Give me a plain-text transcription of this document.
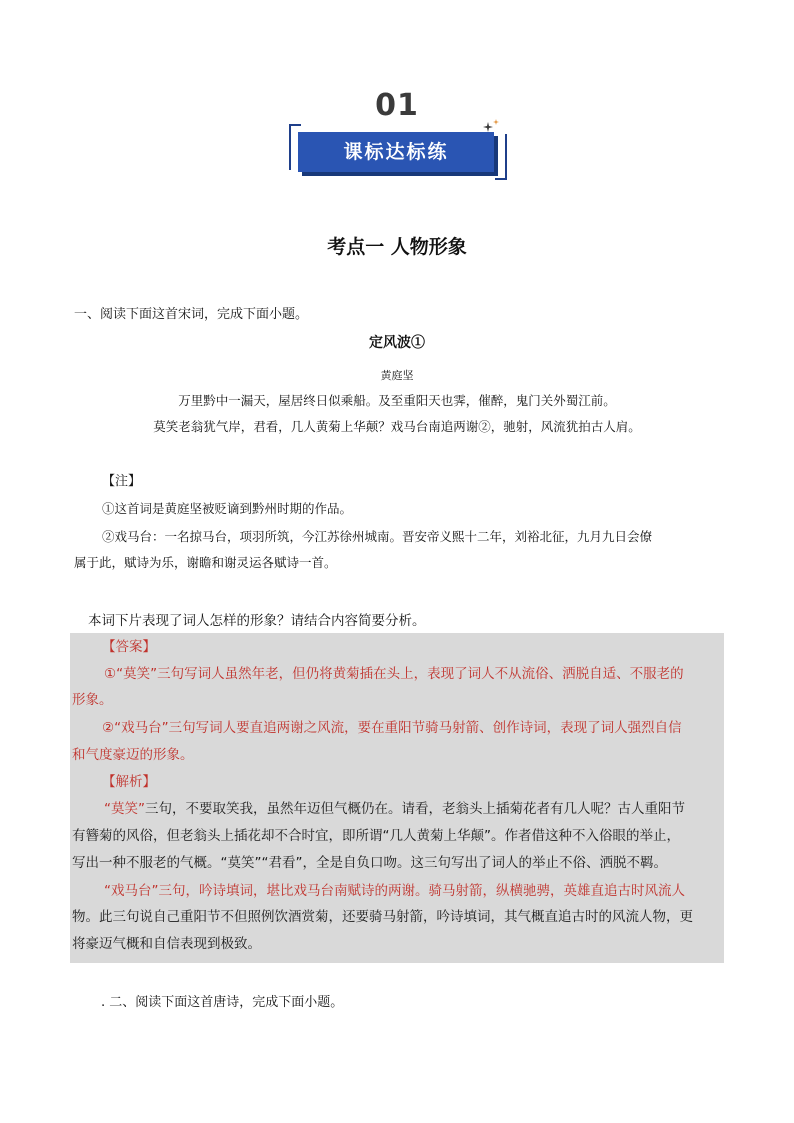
01
课标达标练
考点一 人物形象
一、阅读下面这首宋词，完成下面小题。
定风波①
黄庭坚
万里黔中一漏天，屋居终日似乘船。及至重阳天也霁，催醉，鬼门关外蜀江前。
莫笑老翁犹气岸，君看，几人黄菊上华颠？戏马台南追两谢②，驰射，风流犹拍古人肩。
【注】
①这首词是黄庭坚被贬谪到黔州时期的作品。
②戏马台：一名掠马台，项羽所筑，今江苏徐州城南。晋安帝义熙十二年，刘裕北征，九月九日会僚
属于此，赋诗为乐，谢瞻和谢灵运各赋诗一首。
本词下片表现了词人怎样的形象？请结合内容简要分析。
【答案】
①“莫笑”三句写词人虽然年老，但仍将黄菊插在头上，表现了词人不从流俗、洒脱自适、不服老的
形象。
②“戏马台”三句写词人要直追两谢之风流，要在重阳节骑马射箭、创作诗词，表现了词人强烈自信
和气度豪迈的形象。
【解析】
“莫笑”三句，不要取笑我，虽然年迈但气概仍在。请看，老翁头上插菊花者有几人呢？古人重阳节
有簪菊的风俗，但老翁头上插花却不合时宜，即所谓“几人黄菊上华颠”。作者借这种不入俗眼的举止，
写出一种不服老的气概。“莫笑”“君看”，全是自负口吻。这三句写出了词人的举止不俗、洒脱不羁。
“戏马台”三句，吟诗填词，堪比戏马台南赋诗的两谢。骑马射箭，纵横驰骋，英雄直追古时风流人
物。此三句说自己重阳节不但照例饮酒赏菊，还要骑马射箭，吟诗填词，其气概直追古时的风流人物，更
将豪迈气概和自信表现到极致。
. 二、阅读下面这首唐诗，完成下面小题。
